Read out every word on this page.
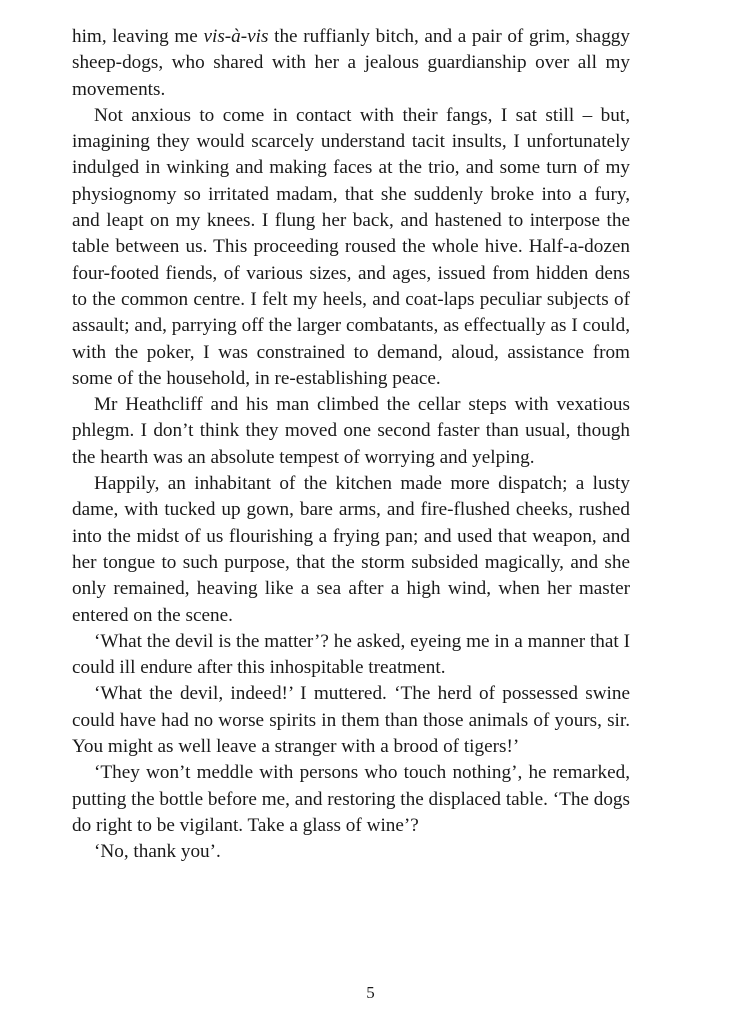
him, leaving me vis-à-vis the ruffianly bitch, and a pair of grim, shaggy sheep-dogs, who shared with her a jealous guardianship over all my movements.

Not anxious to come in contact with their fangs, I sat still – but, imagining they would scarcely understand tacit insults, I unfortunately indulged in winking and making faces at the trio, and some turn of my physiognomy so irritated madam, that she suddenly broke into a fury, and leapt on my knees. I flung her back, and hastened to interpose the table between us. This proceeding roused the whole hive. Half-a-dozen four-footed fiends, of various sizes, and ages, issued from hidden dens to the common centre. I felt my heels, and coat-laps peculiar subjects of assault; and, parrying off the larger combatants, as effectually as I could, with the poker, I was constrained to demand, aloud, assistance from some of the household, in re-establishing peace.

Mr Heathcliff and his man climbed the cellar steps with vexatious phlegm. I don’t think they moved one second faster than usual, though the hearth was an absolute tempest of worrying and yelping.

Happily, an inhabitant of the kitchen made more dispatch; a lusty dame, with tucked up gown, bare arms, and fire-flushed cheeks, rushed into the midst of us flourishing a frying pan; and used that weapon, and her tongue to such purpose, that the storm subsided magically, and she only remained, heaving like a sea after a high wind, when her master entered on the scene.

‘What the devil is the matter’? he asked, eyeing me in a manner that I could ill endure after this inhospitable treatment.

‘What the devil, indeed!’ I muttered. ‘The herd of possessed swine could have had no worse spirits in them than those animals of yours, sir. You might as well leave a stranger with a brood of tigers!’

‘They won’t meddle with persons who touch nothing’, he remarked, putting the bottle before me, and restoring the displaced table. ‘The dogs do right to be vigilant. Take a glass of wine’?

‘No, thank you’.

5
